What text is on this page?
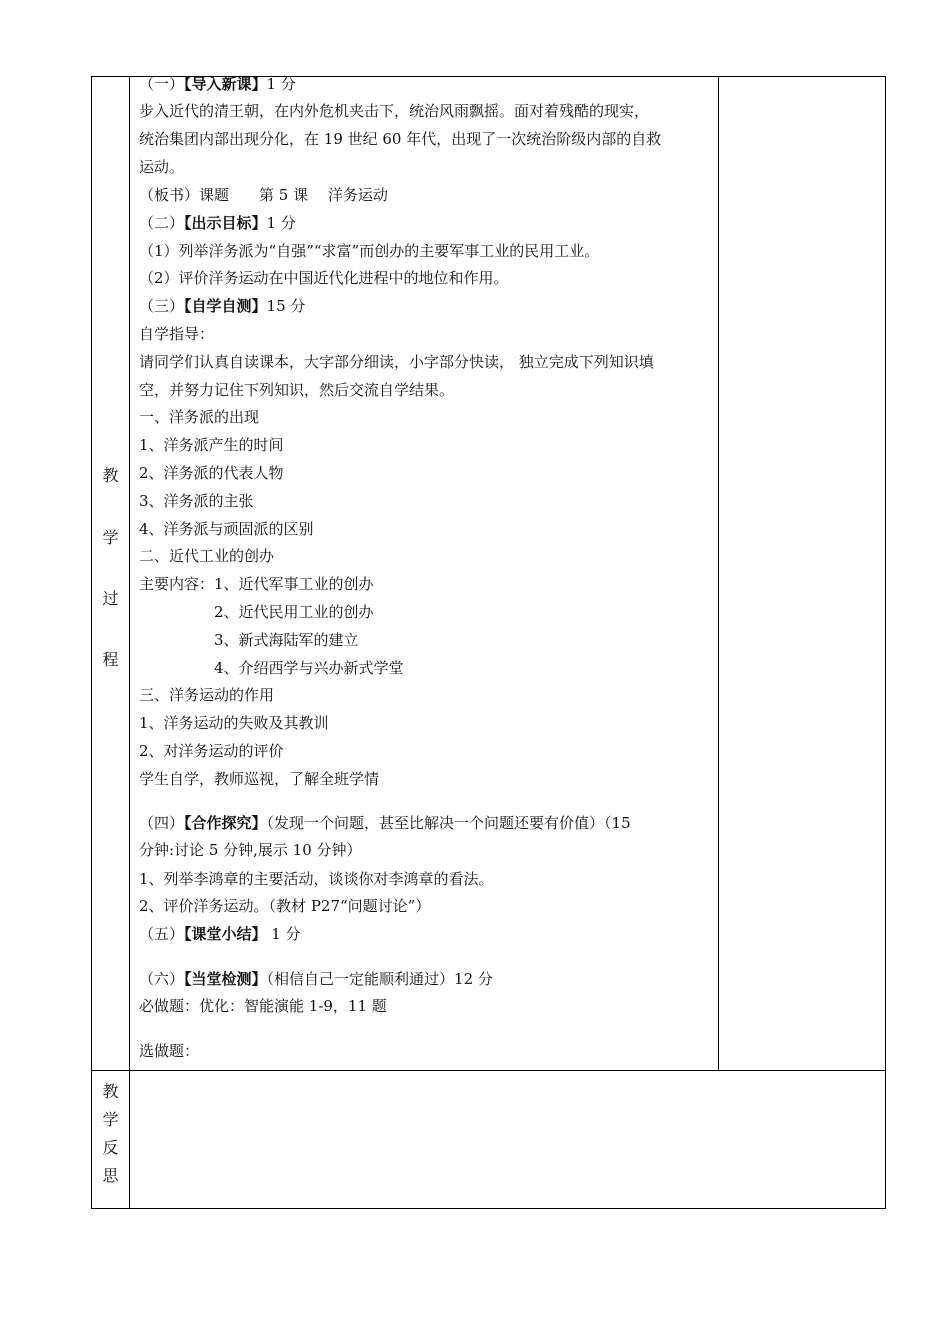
教
学
过
程
教
学
反
思
（一）【导入新课】1 分
步入近代的清王朝，在内外危机夹击下，统治风雨飘摇。面对着残酷的现实，
统治集团内部出现分化，在 19 世纪 60 年代，出现了一次统治阶级内部的自救
运动。
（板书）课题　　第 5 课　 洋务运动
（二）【出示目标】1 分
（1）列举洋务派为“自强”“求富”而创办的主要军事工业的民用工业。
（2）评价洋务运动在中国近代化进程中的地位和作用。
（三）【自学自测】15 分
自学指导：
请同学们认真自读课本，大字部分细读，小字部分快读， 独立完成下列知识填
空，并努力记住下列知识，然后交流自学结果。
一、洋务派的出现
1、洋务派产生的时间
2、洋务派的代表人物
3、洋务派的主张
4、洋务派与顽固派的区别
二、近代工业的创办
主要内容：1、近代军事工业的创办
　　　　　2、近代民用工业的创办
　　　　　3、新式海陆军的建立
　　　　　4、介绍西学与兴办新式学堂
三、洋务运动的作用
1、洋务运动的失败及其教训
2、对洋务运动的评价
学生自学，教师巡视，了解全班学情
（四）【合作探究】（发现一个问题，甚至比解决一个问题还要有价值）（15
分钟:讨论 5 分钟,展示 10 分钟）
1、列举李鸿章的主要活动，谈谈你对李鸿章的看法。
2、评价洋务运动。（教材 P27“问题讨论”）
（五）【课堂小结】 1 分
（六）【当堂检测】（相信自己一定能顺利通过）12 分
必做题：优化：智能演能 1-9，11 题
选做题：
